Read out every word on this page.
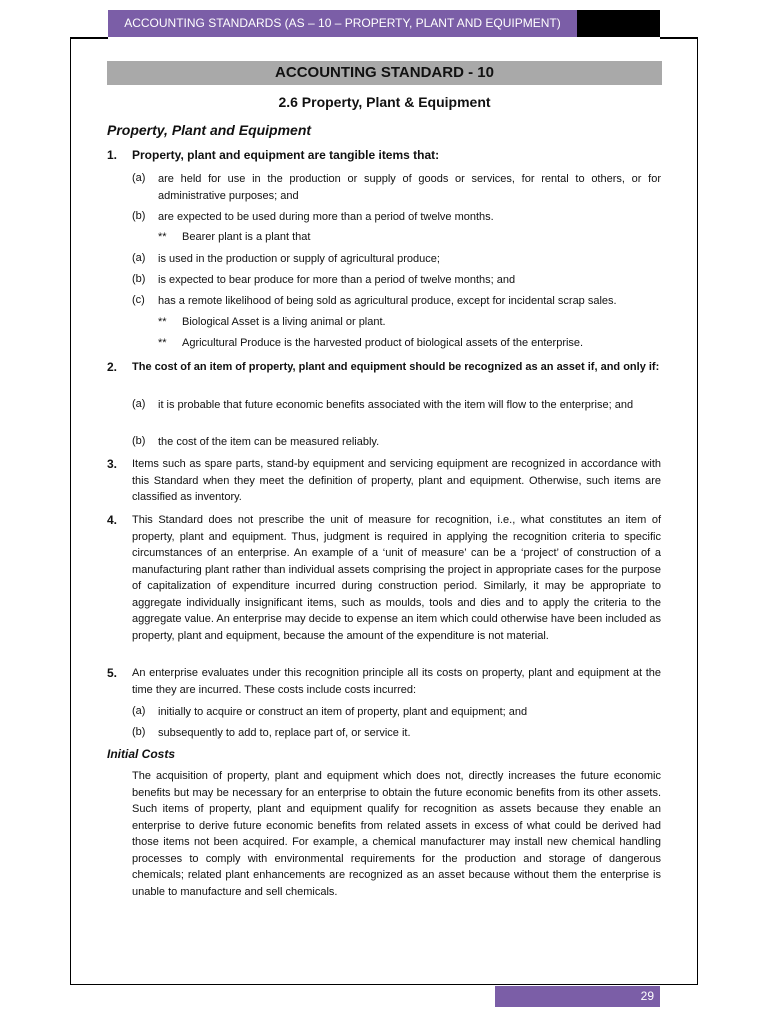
ACCOUNTING STANDARDS (AS – 10 – PROPERTY, PLANT AND EQUIPMENT)
ACCOUNTING STANDARD - 10
2.6 Property, Plant & Equipment
Property, Plant and Equipment
1.	Property, plant and equipment are tangible items that:
(a)	are held for use in the production or supply of goods or services, for rental to others, or for administrative purposes; and
(b)	are expected to be used during more than a period of twelve months.
**	Bearer plant is a plant that
(a)	is used in the production or supply of agricultural produce;
(b)	is expected to bear produce for more than a period of twelve months; and
(c)	has a remote likelihood of being sold as agricultural produce, except for incidental scrap sales.
**	Biological Asset is a living animal or plant.
**	Agricultural Produce is the harvested product of biological assets of the enterprise.
2.	The cost of an item of property, plant and equipment should be recognized as an asset if, and only if:
(a)	it is probable that future economic benefits associated with the item will flow to the enterprise; and
(b)	the cost of the item can be measured reliably.
3.	Items such as spare parts, stand-by equipment and servicing equipment are recognized in accordance with this Standard when they meet the definition of property, plant and equipment. Otherwise, such items are classified as inventory.
4.	This Standard does not prescribe the unit of measure for recognition, i.e., what constitutes an item of property, plant and equipment. Thus, judgment is required in applying the recognition criteria to specific circumstances of an enterprise. An example of a ‘unit of measure’ can be a ‘project’ of construction of a manufacturing plant rather than individual assets comprising the project in appropriate cases for the purpose of capitalization of expenditure incurred during construction period. Similarly, it may be appropriate to aggregate individually insignificant items, such as moulds, tools and dies and to apply the criteria to the aggregate value. An enterprise may decide to expense an item which could otherwise have been included as property, plant and equipment, because the amount of the expenditure is not material.
5.	An enterprise evaluates under this recognition principle all its costs on property, plant and equipment at the time they are incurred. These costs include costs incurred:
(a)	initially to acquire or construct an item of property, plant and equipment; and
(b)	subsequently to add to, replace part of, or service it.
Initial Costs
The acquisition of property, plant and equipment which does not, directly increases the future economic benefits but may be necessary for an enterprise to obtain the future economic benefits from its other assets. Such items of property, plant and equipment qualify for recognition as assets because they enable an enterprise to derive future economic benefits from related assets in excess of what could be derived had those items not been acquired. For example, a chemical manufacturer may install new chemical handling processes to comply with environmental requirements for the production and storage of dangerous chemicals; related plant enhancements are recognized as an asset because without them the enterprise is unable to manufacture and sell chemicals.
29
